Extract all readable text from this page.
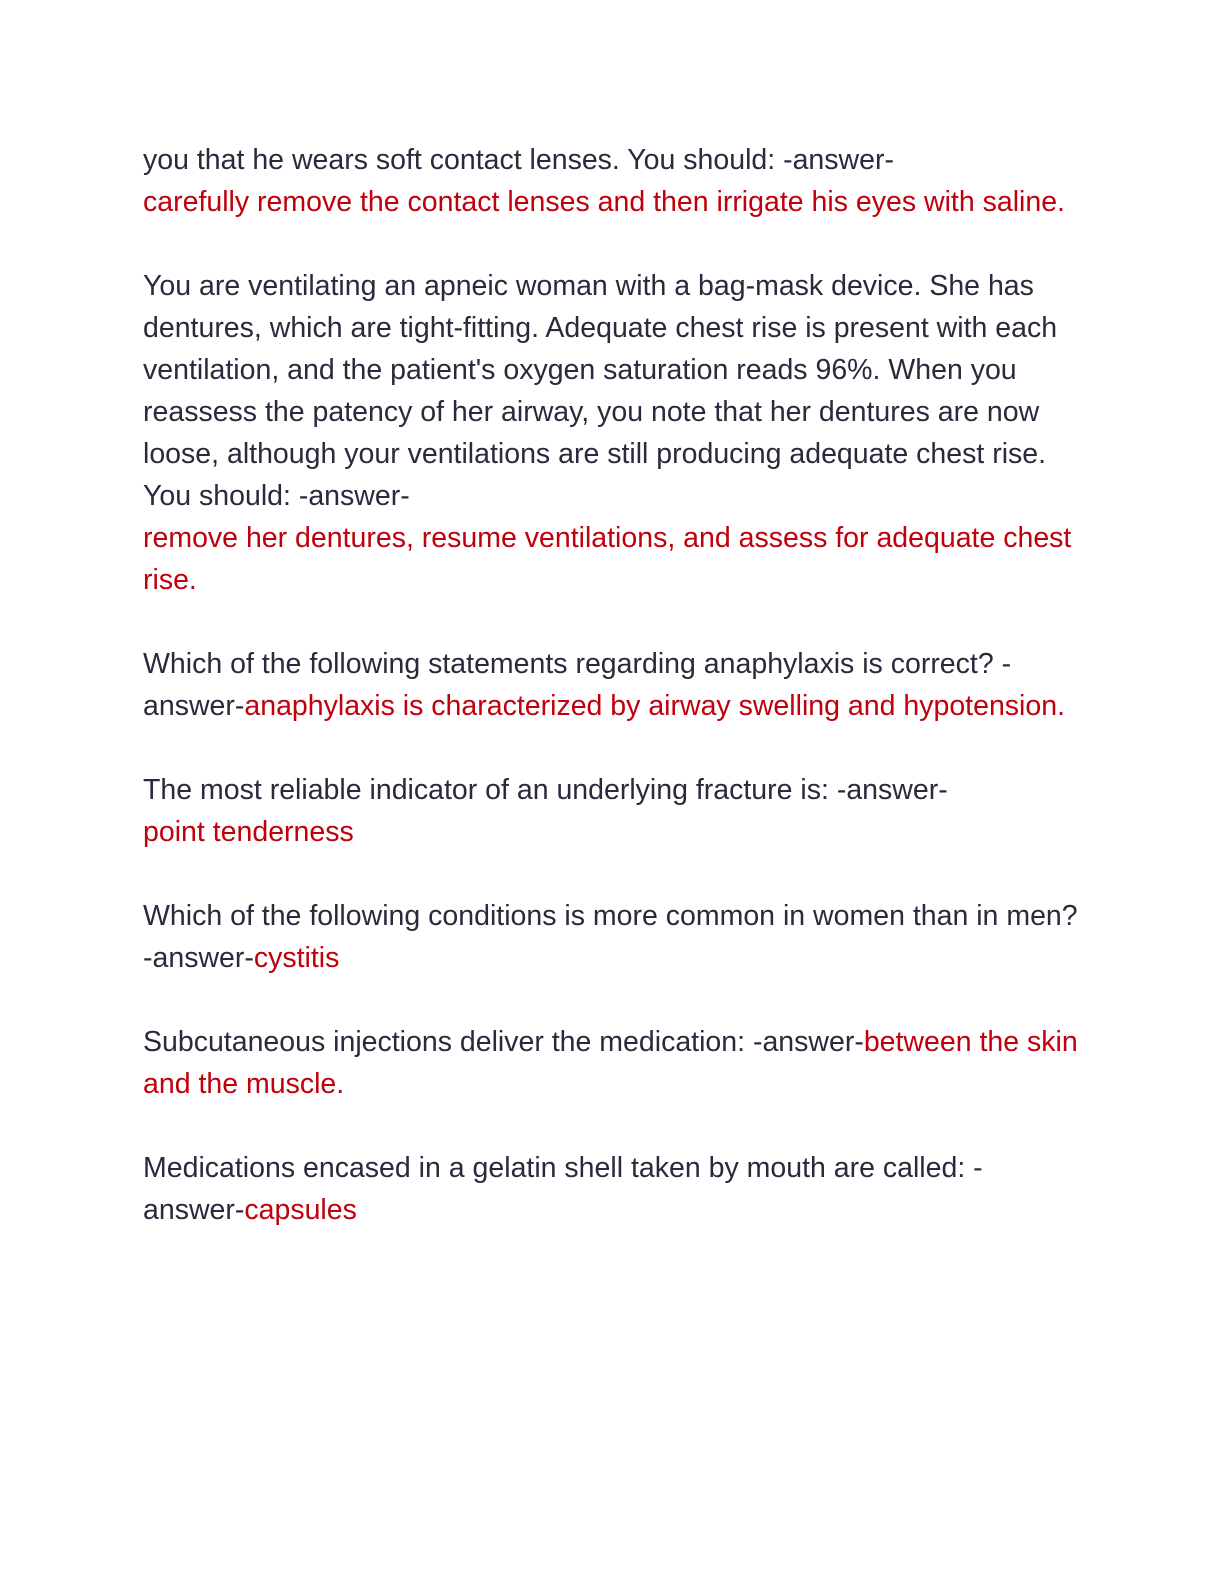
you that he wears soft contact lenses. You should: -answer-
carefully remove the contact lenses and then irrigate his eyes with saline.

You are ventilating an apneic woman with a bag-mask device. She has dentures, which are tight-fitting. Adequate chest rise is present with each ventilation, and the patient's oxygen saturation reads 96%. When you reassess the patency of her airway, you note that her dentures are now loose, although your ventilations are still producing adequate chest rise. You should: -answer-
remove her dentures, resume ventilations, and assess for adequate chest rise.

Which of the following statements regarding anaphylaxis is correct? -answer-anaphylaxis is characterized by airway swelling and hypotension.

The most reliable indicator of an underlying fracture is: -answer-
point tenderness

Which of the following conditions is more common in women than in men? -answer-cystitis

Subcutaneous injections deliver the medication: -answer-between the skin and the muscle.

Medications encased in a gelatin shell taken by mouth are called: -answer-capsules
